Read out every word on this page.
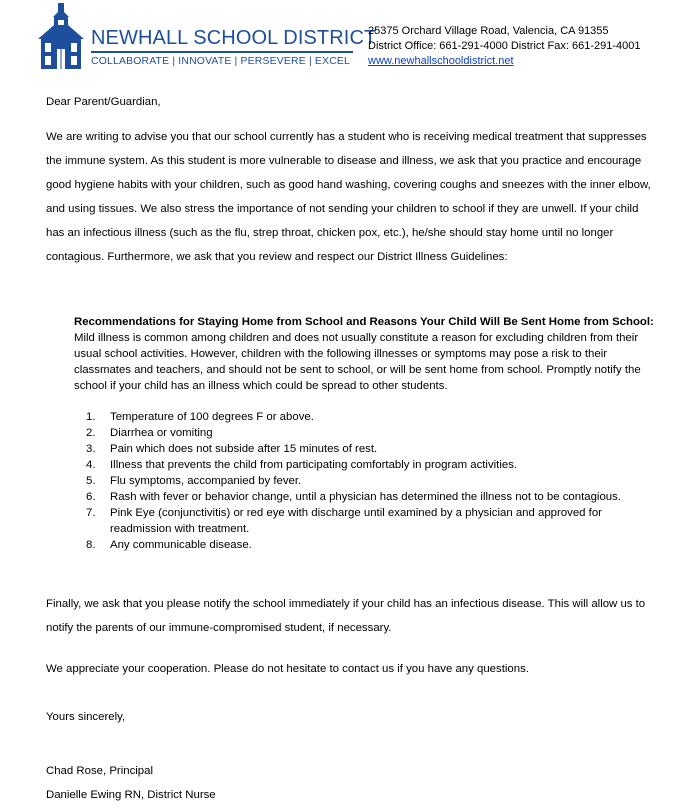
NEWHALL SCHOOL DISTRICT
COLLABORATE | INNOVATE | PERSEVERE | EXCEL
25375 Orchard Village Road, Valencia, CA 91355
District Office: 661-291-4000 District Fax: 661-291-4001
www.newhallschooldistrict.net
Dear Parent/Guardian,
We are writing to advise you that our school currently has a student who is receiving medical treatment that suppresses the immune system. As this student is more vulnerable to disease and illness, we ask that you practice and encourage good hygiene habits with your children, such as good hand washing, covering coughs and sneezes with the inner elbow, and using tissues. We also stress the importance of not sending your children to school if they are unwell. If your child has an infectious illness (such as the flu, strep throat, chicken pox, etc.), he/she should stay home until no longer contagious. Furthermore, we ask that you review and respect our District Illness Guidelines:
Recommendations for Staying Home from School and Reasons Your Child Will Be Sent Home from School:
Mild illness is common among children and does not usually constitute a reason for excluding children from their usual school activities. However, children with the following illnesses or symptoms may pose a risk to their classmates and teachers, and should not be sent to school, or will be sent home from school. Promptly notify the school if your child has an illness which could be spread to other students.
1. Temperature of 100 degrees F or above.
2. Diarrhea or vomiting
3. Pain which does not subside after 15 minutes of rest.
4. Illness that prevents the child from participating comfortably in program activities.
5. Flu symptoms, accompanied by fever.
6. Rash with fever or behavior change, until a physician has determined the illness not to be contagious.
7. Pink Eye (conjunctivitis) or red eye with discharge until examined by a physician and approved for readmission with treatment.
8. Any communicable disease.
Finally, we ask that you please notify the school immediately if your child has an infectious disease. This will allow us to notify the parents of our immune-compromised student, if necessary.
We appreciate your cooperation. Please do not hesitate to contact us if you have any questions.
Yours sincerely,
Chad Rose, Principal
Danielle Ewing RN, District Nurse
